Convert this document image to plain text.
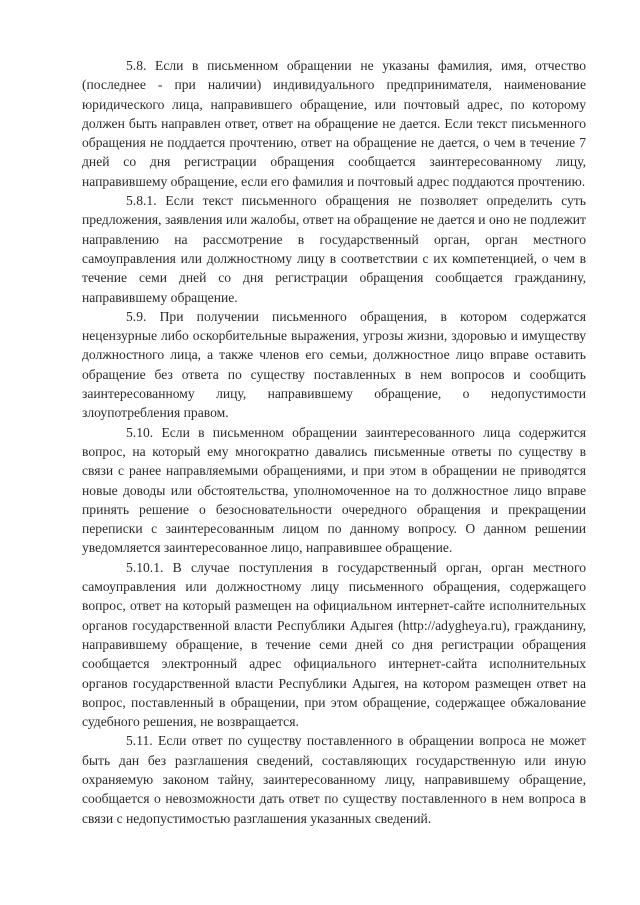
5.8. Если в письменном обращении не указаны фамилия, имя, отчество (последнее - при наличии) индивидуального предпринимателя, наименование юридического лица, направившего обращение, или почтовый адрес, по которому должен быть направлен ответ, ответ на обращение не дается. Если текст письменного обращения не поддается прочтению, ответ на обращение не дается, о чем в течение 7 дней со дня регистрации обращения сообщается заинтересованному лицу, направившему обращение, если его фамилия и почтовый адрес поддаются прочтению.

5.8.1. Если текст письменного обращения не позволяет определить суть предложения, заявления или жалобы, ответ на обращение не дается и оно не подлежит направлению на рассмотрение в государственный орган, орган местного самоуправления или должностному лицу в соответствии с их компетенцией, о чем в течение семи дней со дня регистрации обращения сообщается гражданину, направившему обращение.

5.9. При получении письменного обращения, в котором содержатся нецензурные либо оскорбительные выражения, угрозы жизни, здоровью и имуществу должностного лица, а также членов его семьи, должностное лицо вправе оставить обращение без ответа по существу поставленных в нем вопросов и сообщить заинтересованному лицу, направившему обращение, о недопустимости злоупотребления правом.

5.10. Если в письменном обращении заинтересованного лица содержится вопрос, на который ему многократно давались письменные ответы по существу в связи с ранее направляемыми обращениями, и при этом в обращении не приводятся новые доводы или обстоятельства, уполномоченное на то должностное лицо вправе принять решение о безосновательности очередного обращения и прекращении переписки с заинтересованным лицом по данному вопросу. О данном решении уведомляется заинтересованное лицо, направившее обращение.

5.10.1. В случае поступления в государственный орган, орган местного самоуправления или должностному лицу письменного обращения, содержащего вопрос, ответ на который размещен на официальном интернет-сайте исполнительных органов государственной власти Республики Адыгея (http://adygheya.ru), гражданину, направившему обращение, в течение семи дней со дня регистрации обращения сообщается электронный адрес официального интернет-сайта исполнительных органов государственной власти Республики Адыгея, на котором размещен ответ на вопрос, поставленный в обращении, при этом обращение, содержащее обжалование судебного решения, не возвращается.

5.11. Если ответ по существу поставленного в обращении вопроса не может быть дан без разглашения сведений, составляющих государственную или иную охраняемую законом тайну, заинтересованному лицу, направившему обращение, сообщается о невозможности дать ответ по существу поставленного в нем вопроса в связи с недопустимостью разглашения указанных сведений.
